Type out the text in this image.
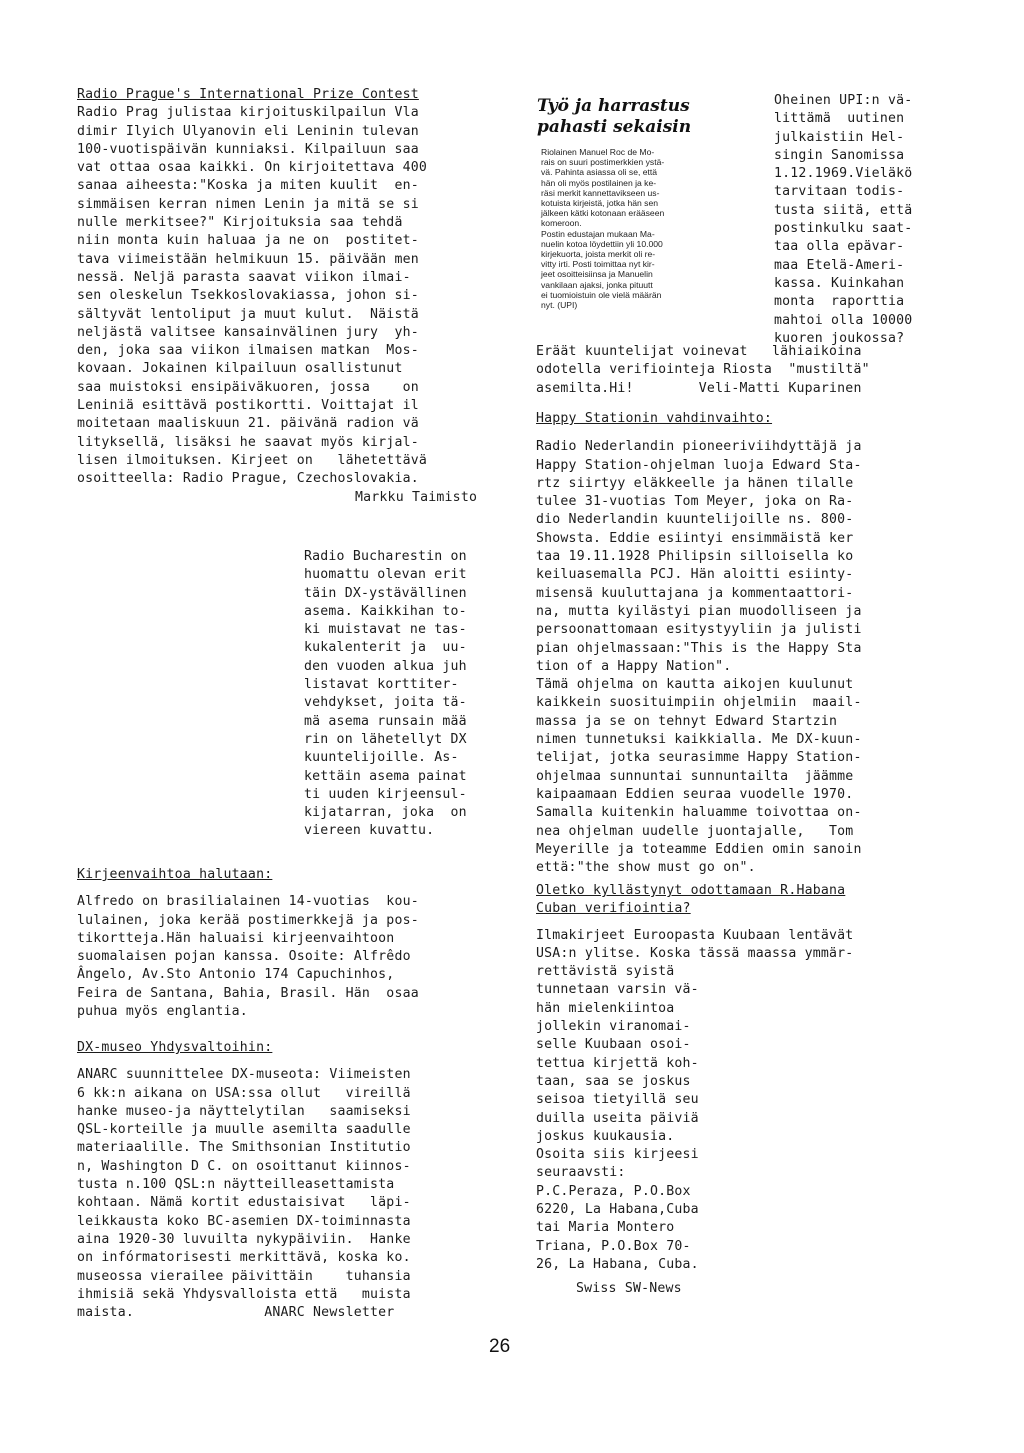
Radio Prague's International Prize Contest

Radio Prag julistaa kirjoituskilpailun Vla

dimir Ilyich Ulyanovin eli Leninin tulevan

100-vuotispäivän kunniaksi. Kilpailuun saa

vat ottaa osaa kaikki. On kirjoitettava 400

sanaa aiheesta:"Koska ja miten kuulit  en-

simmäisen kerran nimen Lenin ja mitä se si

nulle merkitsee?" Kirjoituksia saa tehdä

niin monta kuin haluaa ja ne on  postitet-

tava viimeistään helmikuun 15. päivään men

nessä. Neljä parasta saavat viikon ilmai-

sen oleskelun Tsekkoslovakiassa, johon si-

sältyvät lentoliput ja muut kulut.  Näistä

neljästä valitsee kansainvälinen jury  yh-

den, joka saa viikon ilmaisen matkan  Mos-

kovaan. Jokainen kilpailuun osallistunut

saa muistoksi ensipäiväkuoren, jossa    on

Leniniä esittävä postikortti. Voittajat il

moitetaan maaliskuun 21. päivänä radion vä

lityksellä, lisäksi he saavat myös kirjal-

lisen ilmoituksen. Kirjeet on   lähetettävä

osoitteella: Radio Prague, Czechoslovakia.

Markku Taimisto

Radio Bucharestin on

huomattu olevan erit

täin DX-ystävällinen

asema. Kaikkihan to-

ki muistavat ne tas-

kukalenterit ja  uu-

den vuoden alkua juh

listavat korttiter-

vehdykset, joita tä-

mä asema runsain mää

rin on lähetellyt DX

kuuntelijoille. As-

kettäin asema painat

ti uuden kirjeensul-

kijatarran, joka  on

viereen kuvattu.

Kirjeenvaihtoa halutaan:

Alfredo on brasilialainen 14-vuotias  kou-

lulainen, joka kerää postimerkkejä ja pos-

tikortteja.Hän haluaisi kirjeenvaihtoon

suomalaisen pojan kanssa. Osoite: Alfrêdo

Ângelo, Av.Sto Antonio 174 Capuchinhos,

Feira de Santana, Bahia, Brasil. Hän  osaa

puhua myös englantia.

DX-museo Yhdysvaltoihin:

ANARC suunnittelee DX-museota: Viimeisten

6 kk:n aikana on USA:ssa ollut   vireillä

hanke museo-ja näyttelytilan   saamiseksi

QSL-korteille ja muulle asemilta saadulle

materiaalille. The Smithsonian Institutio

n, Washington D C. on osoittanut kiinnos-

tusta n.100 QSL:n näytteilleasettamista

kohtaan. Nämä kortit edustaisivat   läpi-

leikkausta koko BC-asemien DX-toiminnasta

aina 1920-30 luvuilta nykypäiviin.  Hanke

on infórmatorisesti merkittävä, koska ko.

museossa vierailee päivittäin    tuhansia

ihmisiä sekä Yhdysvalloista että   muista

maista.                ANARC Newsletter

Työ ja harrastus

pahasti sekaisin

Riolainen Manuel Roc de Mo-

rais on suuri postimerkkien ystä-

vä. Pahinta asiassa oli se, että

hän oli myös postilainen ja ke-

räsi merkit kannettavikseen us-

kotuista kirjeistä, jotka hän sen

jälkeen kätki kotonaan erääseen

komeroon.

Postin edustajan mukaan Ma-

nuelin kotoa löydettiin yli 10.000

kirjekuorta, joista merkit oli re-

vitty irti. Posti toimittaa nyt kir-

jeet osoitteisiinsa ja Manuelin

vankilaan ajaksi, jonka pituutt

ei tuomioistuin ole vielä määrän

nyt. (UPI)

Oheinen UPI:n vä-

littämä  uutinen

julkaistiin Hel-

singin Sanomissa

1.12.1969.Vieläkö

tarvitaan todis-

tusta siitä, että

postinkulku saat-

taa olla epävar-

maa Etelä-Ameri-

kassa. Kuinkahan

monta  raporttia

mahtoi olla 10000

kuoren joukossa?

Eräät kuuntelijat voinevat   lähiaikoina

odotella verifiointeja Riosta  "mustiltä"

asemilta.Hi!        Veli-Matti Kuparinen

Happy Stationin vahdinvaihto:

Radio Nederlandin pioneeriviihdyttäjä ja

Happy Station-ohjelman luoja Edward Sta-

rtz siirtyy eläkkeelle ja hänen tilalle

tulee 31-vuotias Tom Meyer, joka on Ra-

dio Nederlandin kuuntelijoille ns. 800-

Showsta. Eddie esiintyi ensimmäistä ker

taa 19.11.1928 Philipsin silloisella ko

keiluasemalla PCJ. Hän aloitti esiinty-

misensä kuuluttajana ja kommentaattori-

na, mutta kyilästyi pian muodolliseen ja

persoonattomaan esitystyyliin ja julisti

pian ohjelmassaan:"This is the Happy Sta

tion of a Happy Nation".

Tämä ohjelma on kautta aikojen kuulunut

kaikkein suosituimpiin ohjelmiin  maail-

massa ja se on tehnyt Edward Startzin

nimen tunnetuksi kaikkialla. Me DX-kuun-

telijat, jotka seurasimme Happy Station-

ohjelmaa sunnuntai sunnuntailta  jäämme

kaipaamaan Eddien seuraa vuodelle 1970.

Samalla kuitenkin haluamme toivottaa on-

nea ohjelman uudelle juontajalle,   Tom

Meyerille ja toteamme Eddien omin sanoin

että:"the show must go on".

Oletko kyllästynyt odottamaan R.Habana

Cuban verifiointia?

Ilmakirjeet Euroopasta Kuubaan lentävät

USA:n ylitse. Koska tässä maassa ymmär-

rettävistä syistä

tunnetaan varsin vä-

hän mielenkiintoa

jollekin viranomai-

selle Kuubaan osoi-

tettua kirjettä koh-

taan, saa se joskus

seisoa tietyillä seu

duilla useita päiviä

joskus kuukausia.

Osoita siis kirjeesi

seuraavsti:

P.C.Peraza, P.O.Box

6220, La Habana,Cuba

tai Maria Montero

Triana, P.O.Box 70-

26, La Habana, Cuba.

Swiss SW-News

26
